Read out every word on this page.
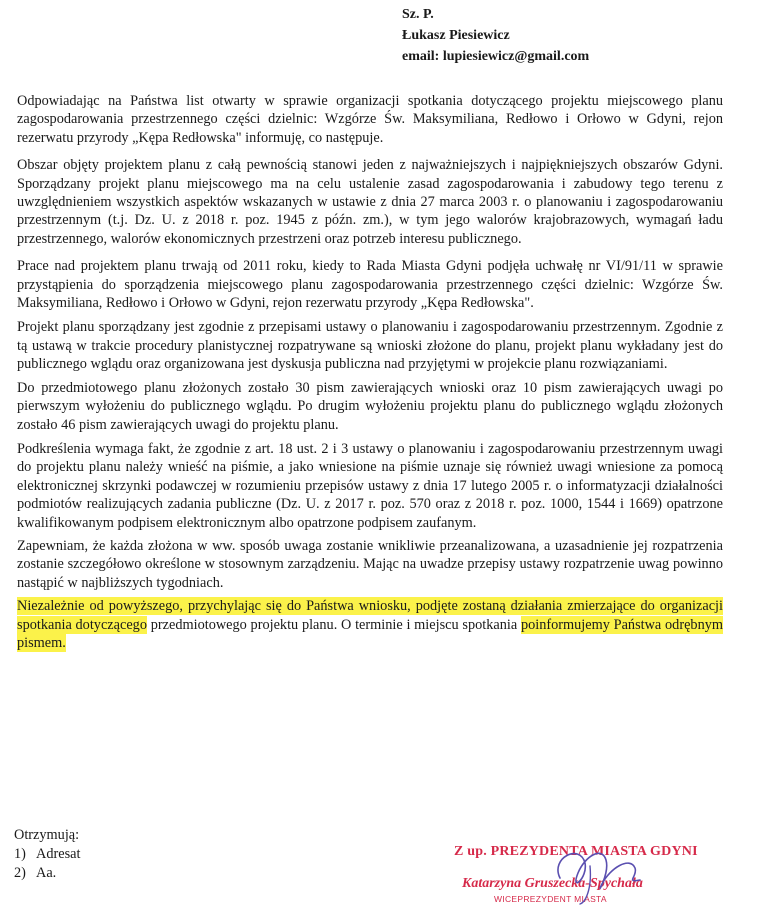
Sz. P.
Łukasz Piesiewicz
email: lupiesiewicz@gmail.com

Odpowiadając na Państwa list otwarty w sprawie organizacji spotkania dotyczącego projektu miejscowego planu zagospodarowania przestrzennego części dzielnic: Wzgórze Św. Maksymiliana, Redłowo i Orłowo w Gdyni, rejon rezerwatu przyrody „Kępa Redłowska" informuję, co następuje.

Obszar objęty projektem planu z całą pewnością stanowi jeden z najważniejszych i najpiękniejszych obszarów Gdyni. Sporządzany projekt planu miejscowego ma na celu ustalenie zasad zagospodarowania i zabudowy tego terenu z uwzględnieniem wszystkich aspektów wskazanych w ustawie z dnia 27 marca 2003 r. o planowaniu i zagospodarowaniu przestrzennym (t.j. Dz. U. z 2018 r. poz. 1945 z późn. zm.), w tym jego walorów krajobrazowych, wymagań ładu przestrzennego, walorów ekonomicznych przestrzeni oraz potrzeb interesu publicznego.

Prace nad projektem planu trwają od 2011 roku, kiedy to Rada Miasta Gdyni podjęła uchwałę nr VI/91/11 w sprawie przystąpienia do sporządzenia miejscowego planu zagospodarowania przestrzennego części dzielnic: Wzgórze Św. Maksymiliana, Redłowo i Orłowo w Gdyni, rejon rezerwatu przyrody „Kępa Redłowska".

Projekt planu sporządzany jest zgodnie z przepisami ustawy o planowaniu i zagospodarowaniu przestrzennym. Zgodnie z tą ustawą w trakcie procedury planistycznej rozpatrywane są wnioski złożone do planu, projekt planu wykładany jest do publicznego wglądu oraz organizowana jest dyskusja publiczna nad przyjętymi w projekcie planu rozwiązaniami.

Do przedmiotowego planu złożonych zostało 30 pism zawierających wnioski oraz 10 pism zawierających uwagi po pierwszym wyłożeniu do publicznego wglądu. Po drugim wyłożeniu projektu planu do publicznego wglądu złożonych zostało 46 pism zawierających uwagi do projektu planu.

Podkreślenia wymaga fakt, że zgodnie z art. 18 ust. 2 i 3 ustawy o planowaniu i zagospodarowaniu przestrzennym uwagi do projektu planu należy wnieść na piśmie, a jako wniesione na piśmie uznaje się również uwagi wniesione za pomocą elektronicznej skrzynki podawczej w rozumieniu przepisów ustawy z dnia 17 lutego 2005 r. o informatyzacji działalności podmiotów realizujących zadania publiczne (Dz. U. z 2017 r. poz. 570 oraz z 2018 r. poz. 1000, 1544 i 1669) opatrzone kwalifikowanym podpisem elektronicznym albo opatrzone podpisem zaufanym.

Zapewniam, że każda złożona w ww. sposób uwaga zostanie wnikliwie przeanalizowana, a uzasadnienie jej rozpatrzenia zostanie szczegółowo określone w stosownym zarządzeniu. Mając na uwadze przepisy ustawy rozpatrzenie uwag powinno nastąpić w najbliższych tygodniach.

Niezależnie od powyższego, przychylając się do Państwa wniosku, podjęte zostaną działania zmierzające do organizacji spotkania dotyczącego przedmiotowego projektu planu. O terminie i miejscu spotkania poinformujemy Państwa odrębnym pismem.

Otrzymują:
1) Adresat
2) Aa.
Z up. PREZYDENTA MIASTA GDYNI
Katarzyna Gruszecka-Spychała
WICEPREZYDENT MIASTA
